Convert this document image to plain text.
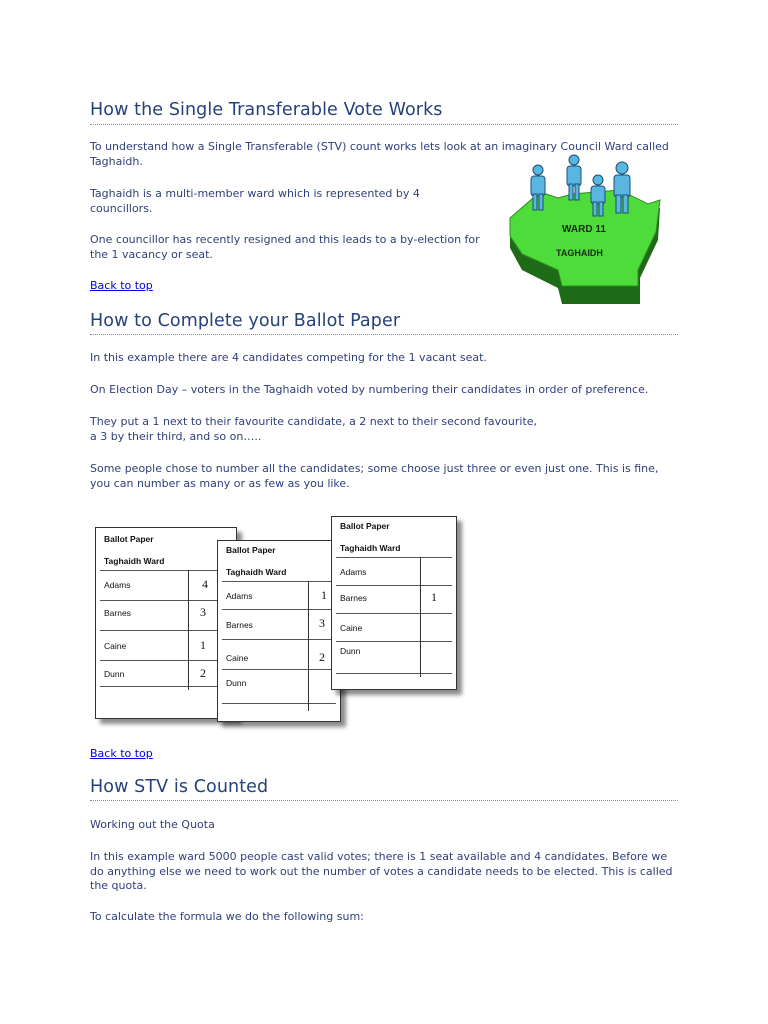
How the Single Transferable Vote Works

To understand how a Single Transferable (STV) count works lets look at an imaginary Council Ward called Taghaidh.

Taghaidh is a multi-member ward which is represented by 4 councillors.

One councillor has recently resigned and this leads to a by-election for the 1 vacancy or seat.

Back to top
WARD 11
TAGHAIDH
How to Complete your Ballot Paper

In this example there are 4 candidates competing for the 1 vacant seat.

On Election Day – voters in the Taghaidh voted by numbering their candidates in order of preference.

They put a 1 next to their favourite candidate, a 2 next to their second favourite,

a 3 by their third, and so on…..

Some people chose to number all the candidates; some choose just three or even just one. This is fine, you can number as many or as few as you like.

Ballot Paper
Taghaidh Ward
Adams
Barnes
Caine
Dunn
4
3
1
2
Ballot Paper
Taghaidh Ward
Adams
Barnes
Caine
Dunn
1
3
2
Ballot Paper
Taghaidh Ward
Adams
Barnes
Caine
Dunn
1
Back to top
How STV is Counted

Working out the Quota

In this example ward 5000 people cast valid votes; there is 1 seat available and 4 candidates. Before we do anything else we need to work out the number of votes a candidate needs to be elected. This is called the quota.

To calculate the formula we do the following sum:
